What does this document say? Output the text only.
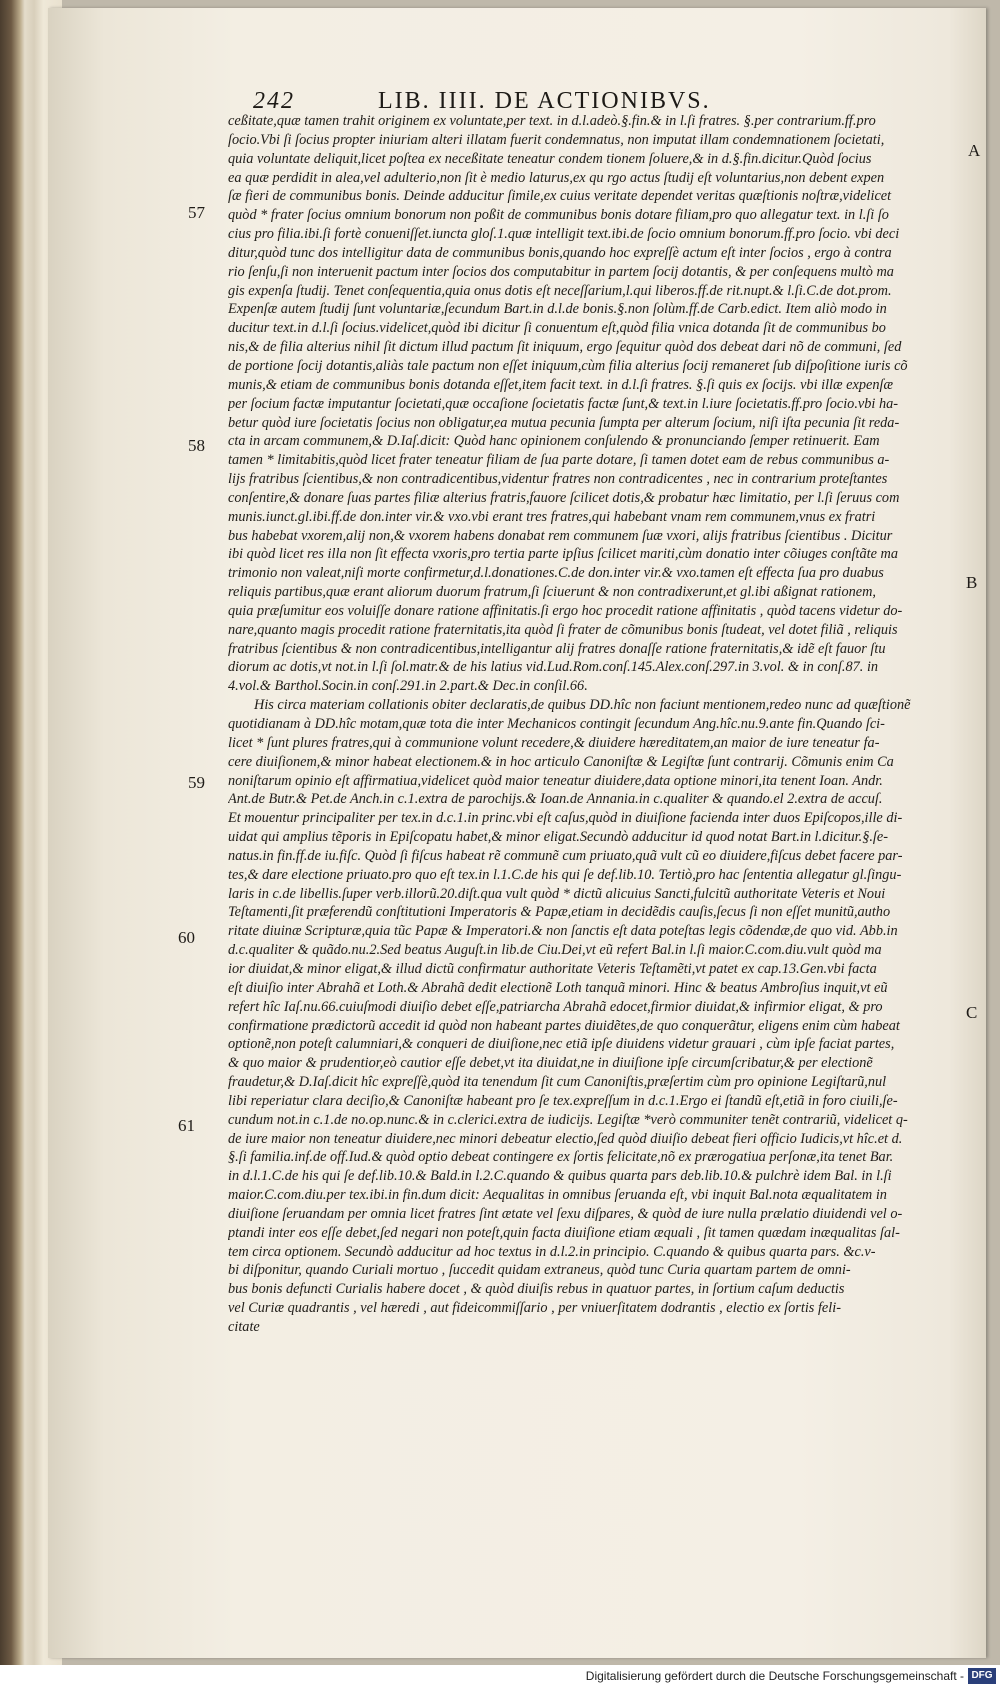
242	LIB. IIII. DE ACTIONIBVS.
57
58
59
60
61
A
B
C
ceßitate,quæ tamen trahit originem ex voluntate,per text. in d.l.adeò.§.fin.& in l.ſi fratres. §.per contrarium.ff.pro
ſocio.Vbi ſi ſocius propter iniuriam alteri illatam fuerit condemnatus, non imputat illam condemnationem ſocietati,
quia voluntate deliquit,licet poſtea ex neceßitate teneatur condem tionem ſoluere,& in d.§.fin.dicitur.Quòd ſocius
ea quæ perdidit in alea,vel adulterio,non ſit è medio laturus,ex qu rgo actus ſtudij eſt voluntarius,non debent expen
ſæ fieri de communibus bonis. Deinde adducitur ſimile,ex cuius veritate dependet veritas quæſtionis noſtræ,videlicet
quòd * frater ſocius omnium bonorum non poßit de communibus bonis dotare filiam,pro quo allegatur text. in l.ſi ſo
cius pro filia.ibi.ſi fortè conueniſſet.iuncta gloſ.1.quæ intelligit text.ibi.de ſocio omnium bonorum.ff.pro ſocio. vbi deci
ditur,quòd tunc dos intelligitur data de communibus bonis,quando hoc expreſſè actum eſt inter ſocios , ergo à contra
rio ſenſu,ſi non interuenit pactum inter ſocios dos computabitur in partem ſocij dotantis, & per conſequens multò ma
gis expenſa ſtudij. Tenet conſequentia,quia onus dotis eſt neceſſarium,l.qui liberos.ff.de rit.nupt.& l.ſi.C.de dot.prom.
Expenſæ autem ſtudij ſunt voluntariæ,ſecundum Bart.in d.l.de bonis.§.non ſolùm.ff.de Carb.edict. Item aliò modo in
ducitur text.in d.l.ſi ſocius.videlicet,quòd ibi dicitur ſi conuentum eſt,quòd filia vnica dotanda ſit de communibus bo
nis,& de filia alterius nihil ſit dictum illud pactum ſit iniquum, ergo ſequitur quòd dos debeat dari nõ de communi, ſed
de portione ſocij dotantis,aliàs tale pactum non eſſet iniquum,cùm filia alterius ſocij remaneret ſub diſpoſitione iuris cõ
munis,& etiam de communibus bonis dotanda eſſet,item facit text. in d.l.ſi fratres. §.ſi quis ex ſocijs. vbi illæ expenſæ
per ſocium factæ imputantur ſocietati,quæ occaſione ſocietatis factæ ſunt,& text.in l.iure ſocietatis.ff.pro ſocio.vbi ha-
betur quòd iure ſocietatis ſocius non obligatur,ea mutua pecunia ſumpta per alterum ſocium, niſi iſta pecunia ſit reda-
cta in arcam communem,& D.Iaſ.dicit: Quòd hanc opinionem conſulendo & pronunciando ſemper retinuerit. Eam
tamen * limitabitis,quòd licet frater teneatur filiam de ſua parte dotare, ſi tamen dotet eam de rebus communibus a-
lijs fratribus ſcientibus,& non contradicentibus,videntur fratres non contradicentes , nec in contrarium proteſtantes
conſentire,& donare ſuas partes filiæ alterius fratris,fauore ſcilicet dotis,& probatur hæc limitatio, per l.ſi ſeruus com
munis.iunct.gl.ibi.ff.de don.inter vir.& vxo.vbi erant tres fratres,qui habebant vnam rem communem,vnus ex fratri
bus habebat vxorem,alij non,& vxorem habens donabat rem communem ſuæ vxori, alijs fratribus ſcientibus . Dicitur
ibi quòd licet res illa non ſit effecta vxoris,pro tertia parte ipſius ſcilicet mariti,cùm donatio inter cõiuges conſtãte ma
trimonio non valeat,niſi morte confirmetur,d.l.donationes.C.de don.inter vir.& vxo.tamen eſt effecta ſua pro duabus
reliquis partibus,quæ erant aliorum duorum fratrum,ſi ſciuerunt & non contradixerunt,et gl.ibi aßignat rationem,
quia præſumitur eos voluiſſe donare ratione affinitatis.ſi ergo hoc procedit ratione affinitatis , quòd tacens videtur do-
nare,quanto magis procedit ratione fraternitatis,ita quòd ſi frater de cõmunibus bonis ſtudeat, vel dotet filiã , reliquis
fratribus ſcientibus & non contradicentibus,intelligantur alij fratres donaſſe ratione fraternitatis,& idẽ eſt fauor ſtu
diorum ac dotis,vt not.in l.ſi ſol.matr.& de his latius vid.Lud.Rom.conſ.145.Alex.conſ.297.in 3.vol. & in conſ.87. in
4.vol.& Barthol.Socin.in conſ.291.in 2.part.& Dec.in conſil.66.
His circa materiam collationis obiter declaratis,de quibus DD.hîc non faciunt mentionem,redeo nunc ad quæſtionẽ
quotidianam à DD.hîc motam,quæ tota die inter Mechanicos contingit ſecundum Ang.hîc.nu.9.ante fin.Quando ſci-
licet * ſunt plures fratres,qui à communione volunt recedere,& diuidere hæreditatem,an maior de iure teneatur fa-
cere diuiſionem,& minor habeat electionem.& in hoc articulo Canoniſtæ & Legiſtæ ſunt contrarij. Cõmunis enim Ca
noniſtarum opinio eſt affirmatiua,videlicet quòd maior teneatur diuidere,data optione minori,ita tenent Ioan. Andr.
Ant.de Butr.& Pet.de Anch.in c.1.extra de parochijs.& Ioan.de Annania.in c.qualiter & quando.el 2.extra de accuſ.
Et mouentur principaliter per tex.in d.c.1.in princ.vbi eſt caſus,quòd in diuiſione facienda inter duos Epiſcopos,ille di-
uidat qui amplius tẽporis in Epiſcopatu habet,& minor eligat.Secundò adducitur id quod notat Bart.in l.dicitur.§.ſe-
natus.in fin.ff.de iu.fiſc. Quòd ſi fiſcus habeat rẽ communẽ cum priuato,quã vult cũ eo diuidere,fiſcus debet facere par-
tes,& dare electione priuato.pro quo eſt tex.in l.1.C.de his qui ſe def.lib.10. Tertiò,pro hac ſententia allegatur gl.ſingu-
laris in c.de libellis.ſuper verb.illorũ.20.diſt.qua vult quòd * dictũ alicuius Sancti,fulcitũ authoritate Veteris et Noui
Teſtamenti,ſit præferendũ conſtitutioni Imperatoris & Papæ,etiam in decidẽdis cauſis,ſecus ſi non eſſet munitũ,autho
ritate diuinæ Scripturæ,quia tũc Papæ & Imperatori.& non ſanctis eſt data poteſtas legis cõdendæ,de quo vid. Abb.in
d.c.qualiter & quãdo.nu.2.Sed beatus Auguſt.in lib.de Ciu.Dei,vt eũ refert Bal.in l.ſi maior.C.com.diu.vult quòd ma
ior diuidat,& minor eligat,& illud dictũ confirmatur authoritate Veteris Teſtamẽti,vt patet ex cap.13.Gen.vbi facta
eſt diuiſio inter Abrahã et Loth.& Abrahã dedit electionẽ Loth tanquã minori. Hinc & beatus Ambroſius inquit,vt eũ
refert hîc Iaſ.nu.66.cuiuſmodi diuiſio debet eſſe,patriarcha Abrahã edocet,firmior diuidat,& infirmior eligat, & pro
confirmatione prædictorũ accedit id quòd non habeant partes diuidẽtes,de quo conquerãtur, eligens enim cùm habeat
optionẽ,non poteſt calumniari,& conqueri de diuiſione,nec etiã ipſe diuidens videtur grauari , cùm ipſe faciat partes,
& quo maior & prudentior,eò cautior eſſe debet,vt ita diuidat,ne in diuiſione ipſe circumſcribatur,& per electionẽ
fraudetur,& D.Iaſ.dicit hîc expreſſè,quòd ita tenendum ſit cum Canoniſtis,præſertim cùm pro opinione Legiſtarũ,nul
libi reperiatur clara deciſio,& Canoniſtæ habeant pro ſe tex.expreſſum in d.c.1.Ergo ei ſtandũ eſt,etiã in foro ciuili,ſe-
cundum not.in c.1.de no.op.nunc.& in c.clerici.extra de iudicijs. Legiſtæ *verò communiter tenẽt contrariũ, videlicet q-
de iure maior non teneatur diuidere,nec minori debeatur electio,ſed quòd diuiſio debeat fieri officio Iudicis,vt hîc.et d.
§.ſi familia.inf.de off.Iud.& quòd optio debeat contingere ex ſortis felicitate,nõ ex prærogatiua perſonæ,ita tenet Bar.
in d.l.1.C.de his qui ſe def.lib.10.& Bald.in l.2.C.quando & quibus quarta pars deb.lib.10.& pulchrè idem Bal. in l.ſi
maior.C.com.diu.per tex.ibi.in fin.dum dicit: Aequalitas in omnibus ſeruanda eſt, vbi inquit Bal.nota æqualitatem in
diuiſione ſeruandam per omnia licet fratres ſint ætate vel ſexu diſpares, & quòd de iure nulla prælatio diuidendi vel o-
ptandi inter eos eſſe debet,ſed negari non poteſt,quin facta diuiſione etiam æquali , ſit tamen quædam inæqualitas ſal-
tem circa optionem. Secundò adducitur ad hoc textus in d.l.2.in principio. C.quando & quibus quarta pars. &c.v-
bi diſponitur, quando Curiali mortuo , ſuccedit quidam extraneus, quòd tunc Curia quartam partem de omni-
bus bonis defuncti Curialis habere docet , & quòd diuiſis rebus in quatuor partes, in ſortium caſum deductis
vel Curiæ quadrantis , vel hæredi , aut fideicommiſſario , per vniuerſitatem dodrantis , electio ex ſortis feli-
citate
Digitalisierung gefördert durch die Deutsche Forschungsgemeinschaft - DFG
